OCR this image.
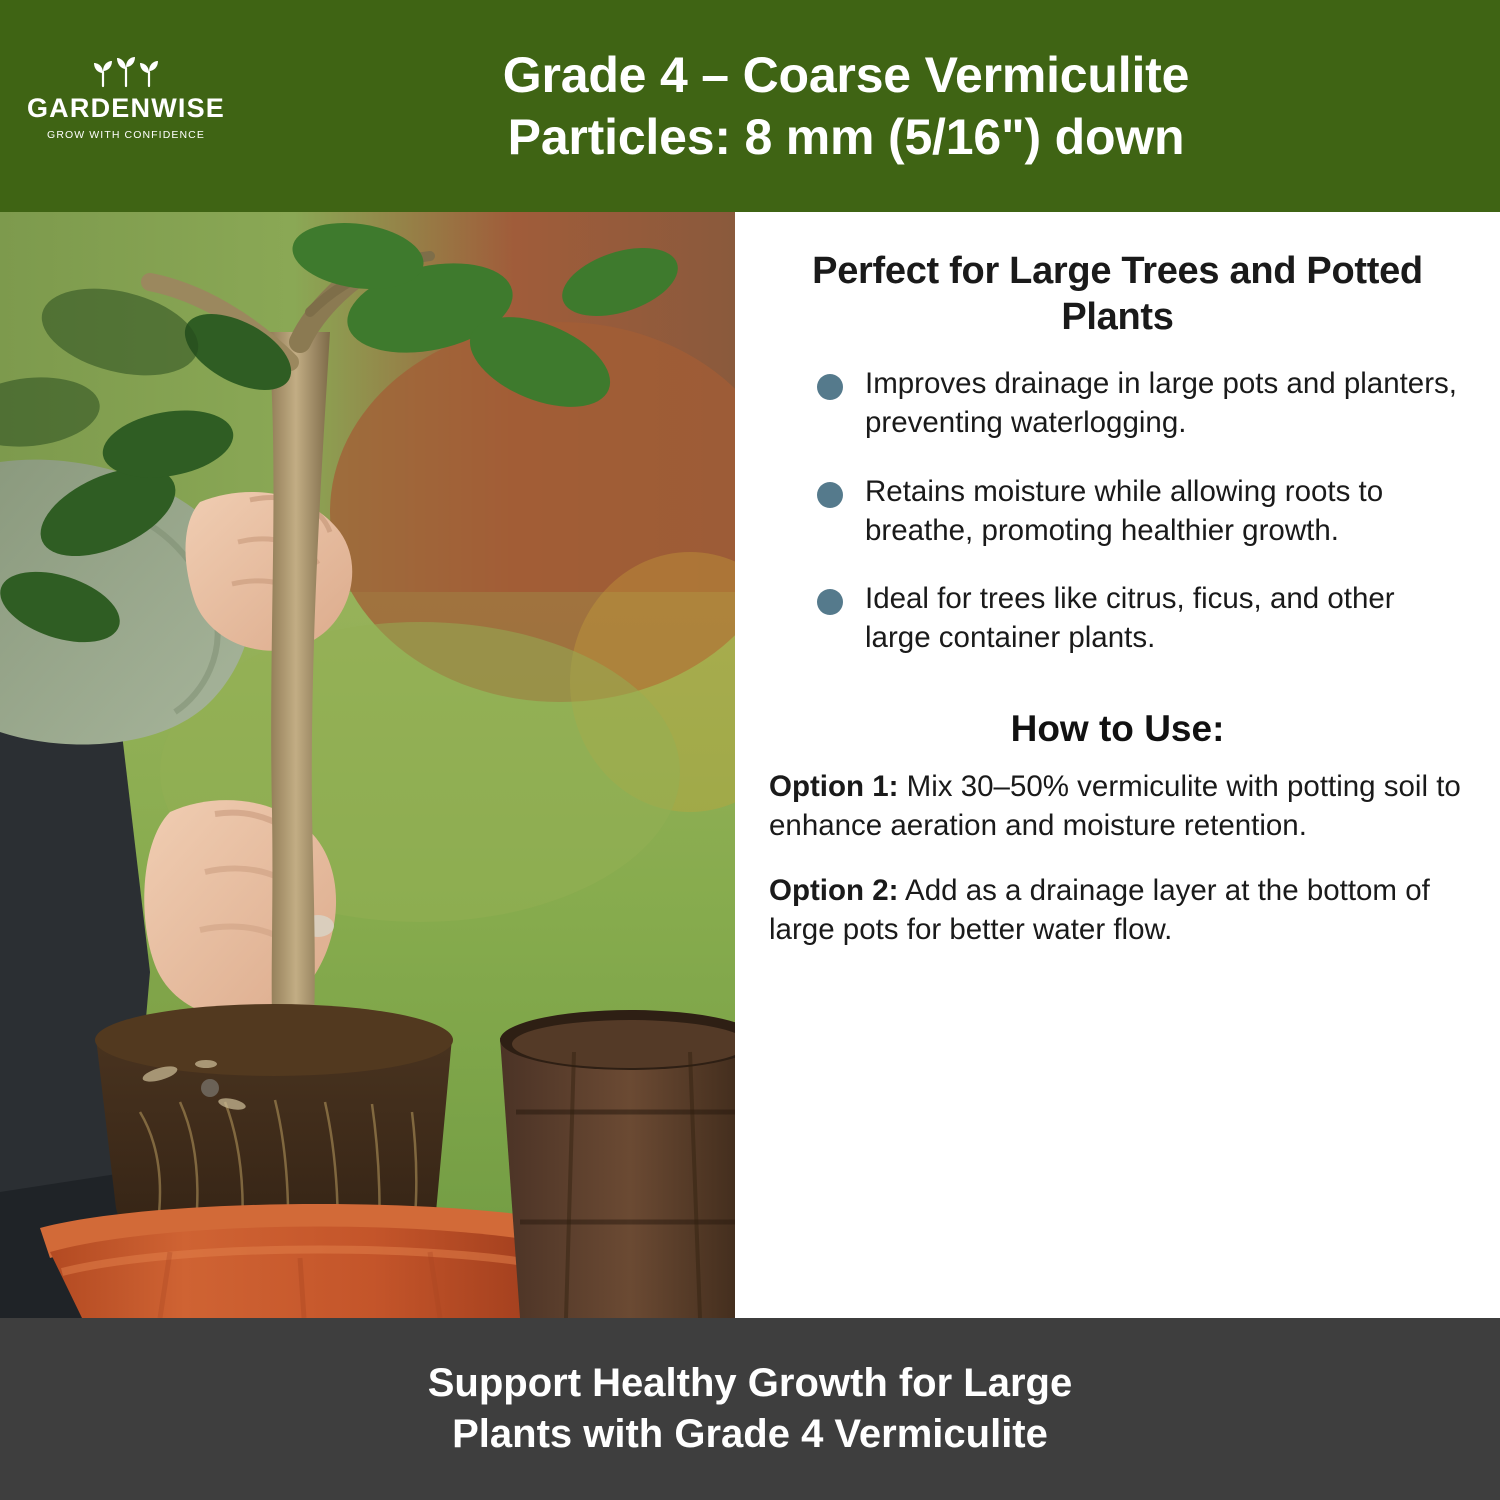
GARDENWISE
GROW WITH CONFIDENCE
Grade 4 – Coarse Vermiculite
Particles: 8 mm (5/16") down
Perfect for Large Trees and Potted Plants
Improves drainage in large pots and planters, preventing waterlogging.
Retains moisture while allowing roots to breathe, promoting healthier growth.
Ideal for trees like citrus, ficus, and other large container plants.
How to Use:

Option 1: Mix 30–50% vermiculite with potting soil to enhance aeration and moisture retention.

Option 2: Add as a drainage layer at the bottom of large pots for better water flow.

Support Healthy Growth for Large
Plants with Grade 4 Vermiculite
